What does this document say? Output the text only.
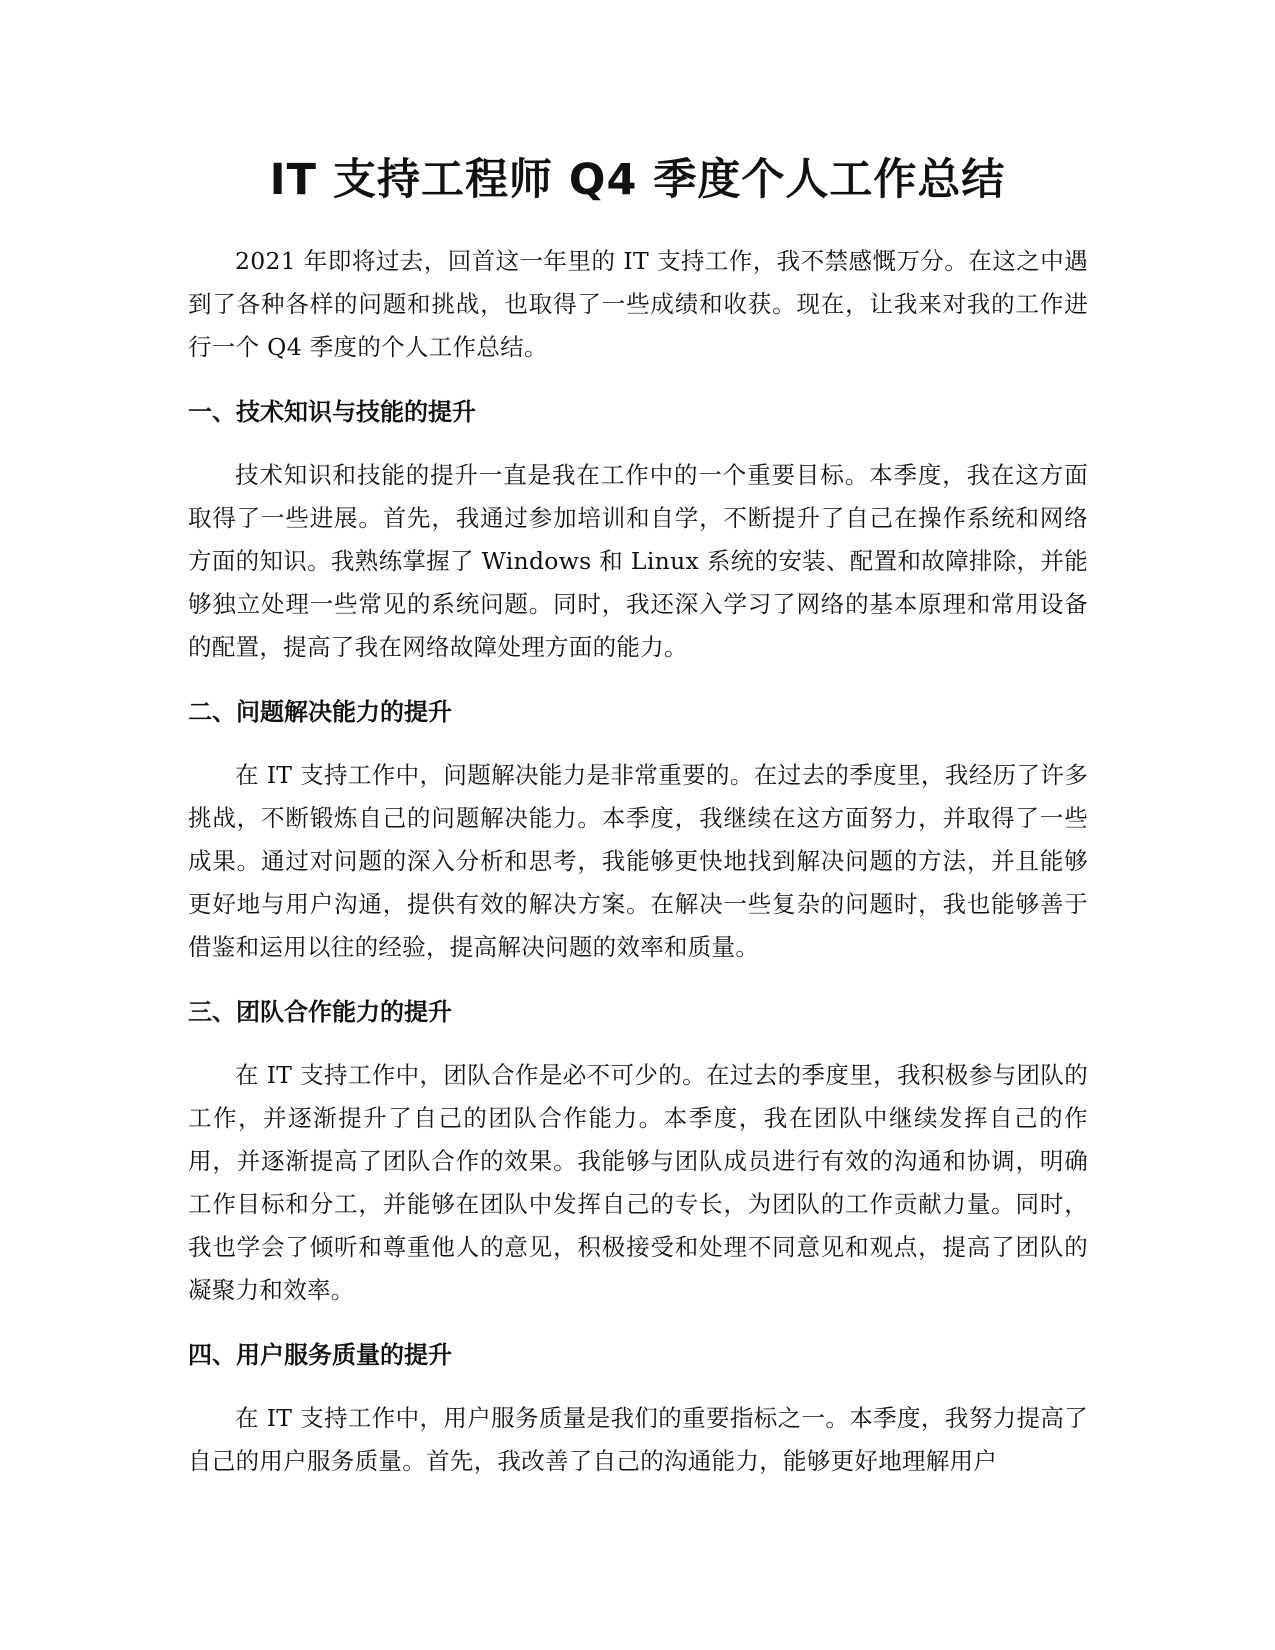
IT 支持工程师 Q4 季度个人工作总结

2021 年即将过去，回首这一年里的 IT 支持工作，我不禁感慨万分。在这之中遇到了各种各样的问题和挑战，也取得了一些成绩和收获。现在，让我来对我的工作进行一个 Q4 季度的个人工作总结。

一、技术知识与技能的提升

技术知识和技能的提升一直是我在工作中的一个重要目标。本季度，我在这方面取得了一些进展。首先，我通过参加培训和自学，不断提升了自己在操作系统和网络方面的知识。我熟练掌握了 Windows 和 Linux 系统的安装、配置和故障排除，并能够独立处理一些常见的系统问题。同时，我还深入学习了网络的基本原理和常用设备的配置，提高了我在网络故障处理方面的能力。

二、问题解决能力的提升

在 IT 支持工作中，问题解决能力是非常重要的。在过去的季度里，我经历了许多挑战，不断锻炼自己的问题解决能力。本季度，我继续在这方面努力，并取得了一些成果。通过对问题的深入分析和思考，我能够更快地找到解决问题的方法，并且能够更好地与用户沟通，提供有效的解决方案。在解决一些复杂的问题时，我也能够善于借鉴和运用以往的经验，提高解决问题的效率和质量。

三、团队合作能力的提升

在 IT 支持工作中，团队合作是必不可少的。在过去的季度里，我积极参与团队的工作，并逐渐提升了自己的团队合作能力。本季度，我在团队中继续发挥自己的作用，并逐渐提高了团队合作的效果。我能够与团队成员进行有效的沟通和协调，明确工作目标和分工，并能够在团队中发挥自己的专长，为团队的工作贡献力量。同时，我也学会了倾听和尊重他人的意见，积极接受和处理不同意见和观点，提高了团队的凝聚力和效率。

四、用户服务质量的提升

在 IT 支持工作中，用户服务质量是我们的重要指标之一。本季度，我努力提高了自己的用户服务质量。首先，我改善了自己的沟通能力，能够更好地理解用户
